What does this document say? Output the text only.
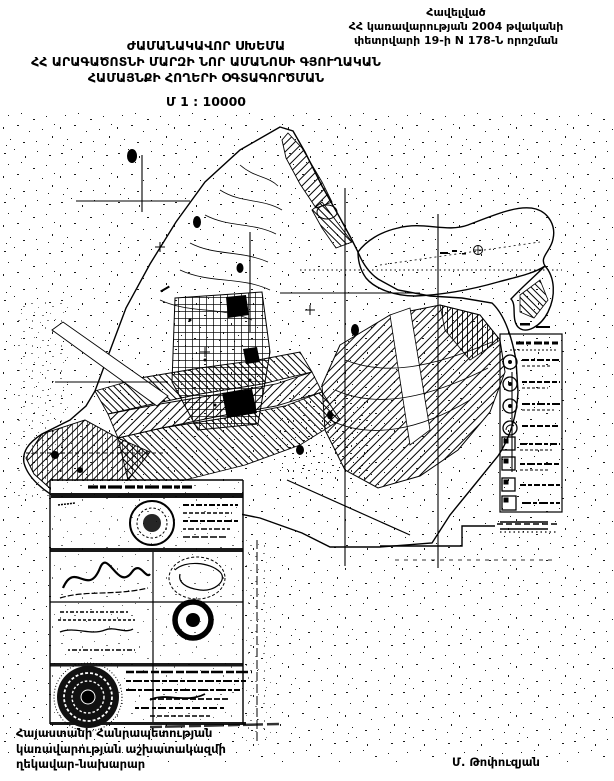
Հավելված
ՀՀ կառավարության 2004 թվականի
փետրվարի 19-ի N 178-Ն որոշման
ԺԱՄԱՆԱԿԱՎՈՐ ՍԽԵՄԱ
ՀՀ ԱՐԱԳԱԾՈՏՆԻ ՄԱՐԶԻ ՆՈՐ ԱՄԱՆՈՍԻ ԳՅՈՒՂԱԿԱՆ
ՀԱՄԱՅՆՔԻ ՀՈՂԵՐԻ ՕԳՏԱԳՈՐԾՄԱՆ
Մ 1 : 10000
Հայաստանի Հանրապետության
կառավարության աշխատակազմի
ղեկավար-նախարար	Մ. Թոփուզյան
